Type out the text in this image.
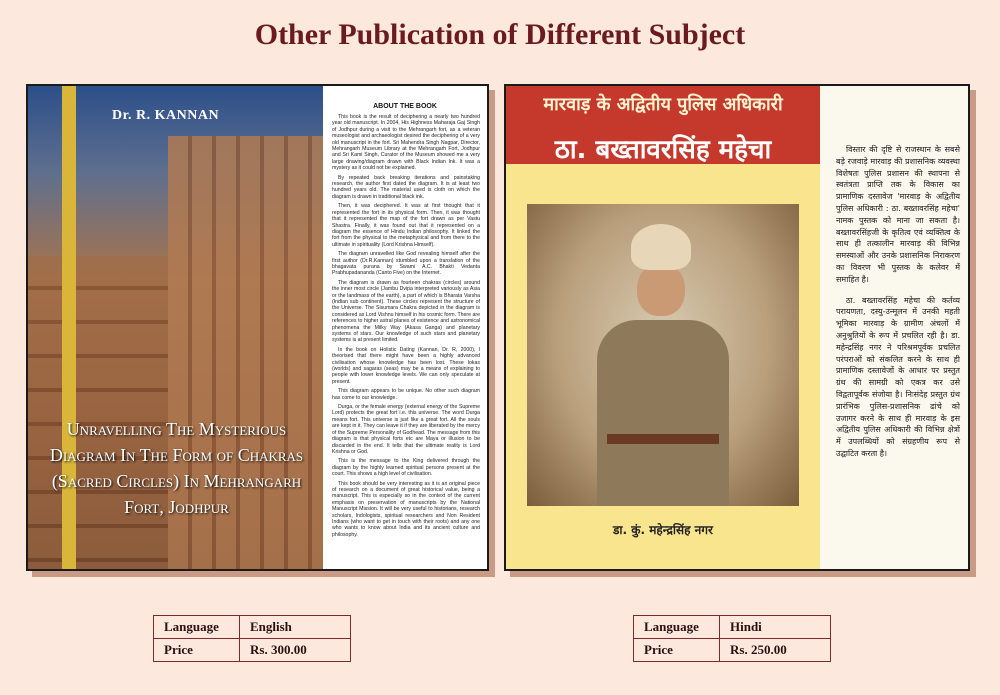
Other Publication of Different Subject
Dr. R. KANNAN
Unravelling The Mysterious Diagram In The Form of Chakras (Sacred Circles) In Mehrangarh Fort, Jodhpur
ABOUT THE BOOK

This book is the result of deciphering a nearly two hundred year old manuscript. In 2004, His Highness Maharaja Gaj Singh of Jodhpur during a visit to the Mehrangarh fort, as a veteran museologist and archaeologist desired the deciphering of a very old manuscript in the fort. Sri Mahendra Singh Nagpar, Director, Mehrangarh Museum Library at the Mehrangarh Fort, Jodhpur and Sri Kami Singh, Curator of the Museum showed me a very large drawing/diagram drawn with Black Indian Ink. It was a mystery as it could not be explained.

By repeated back breaking iterations and painstaking research, the author first dated the diagram. It is at least two hundred years old. The material used is cloth on which the diagram is drawn in traditional black ink.

Then, it was deciphered. It was at first thought that it represented the fort in its physical form. Then, it was thought that it represented the map of the fort drawn as per Vastu Shastra. Finally, it was found out that it represented on a diagram the essence of Hindu Indian philosophy. It linked the fort from the physical to the metaphysical and from there to the ultimate in spirituality (Lord Krishna Himself).

The diagram unravelled like God revealing himself after the first author (Dr.R.Kannan) stumbled upon a translation of the bhagavata purana by Swami A.C. Bhakti Vedanta Prabhupadananda (Canto Five) on the Internet.

The diagram is drawn as fourteen chakras (circles) around the inner most circle (Jambu Dvipa interpreted variously as Asia or the landmass of the earth), a part of which is Bharata Varsha (Indian sub continent). These circles represent the structure of the Universe. The Sisumara Chakra depicted in the diagram is considered as Lord Vishnu himself in his cosmic form. There are references to higher astral planes of existence and astronomical phenomena the Milky Way (Akasa Ganga) and planetary systems of stars. Our knowledge of such stars and planetary systems is at present limited.

In the book on Holistic Dating (Kannan, Dr. R, 2000), I theorised that there might have been a highly advanced civilisation whose knowledge has been lost. These lokas (worlds) and sagaras (seas) may be a means of explaining to people with lower knowledge levels. We can only speculate at present.

This diagram appears to be unique. No other such diagram has come to our knowledge.

Durga, or the female energy (external energy of the Supreme Lord) protects the great fort i.e. this universe. The word Durga means fort. This universe is just like a great fort. All the souls are kept in it. They can leave it if they are liberated by the mercy of the Supreme Personality of Godhead. The message from this diagram is that physical forts etc are Maya or illusion to be discarded in the end. It tells that the ultimate reality is Lord Krishna or God.

This is the message to the King delivered through the diagram by the highly learned spiritual persons present at the court. This shows a high level of civilisation.

This book should be very interesting as it is an original piece of research on a document of great historical value, being a manuscript. This is especially so in the context of the current emphasis on preservation of manuscripts by the National Manuscript Mission. It will be very useful to historians, research scholars, Indologists, spiritual researchers and Non Resident Indians (who want to get in touch with their roots) and any one who wants to know about India and its ancient culture and philosophy.

मारवाड़ के अद्वितीय पुलिस अधिकारी
ठा. बख्तावरसिंह महेचा
डा. कुं. महेन्द्रसिंह नगर

विस्तार की दृष्टि से राजस्थान के सबसे बड़े रजवाड़े मारवाड़ की प्रशासनिक व्यवस्था विशेषतः पुलिस प्रशासन की स्थापना से स्वतंत्रता प्राप्ति तक के विकास का प्रामाणिक दस्तावेज 'मारवाड़ के अद्वितीय पुलिस अधिकारी : ठा. बख्तावरसिंह महेचा' नामक पुस्तक को माना जा सकता है। बख्तावरसिंहजी के कृतित्व एवं व्यक्तित्व के साथ ही तत्कालीन मारवाड़ की विभिन्न समस्याओं और उनके प्रशासनिक निराकरण का विवरण भी पुस्तक के कलेवर में समाहित है।

ठा. बख्तावरसिंह महेचा की कर्तव्य परायणता, दस्यु-उन्मूलन में उनकी महती भूमिका मारवाड़ के ग्रामीण अंचलों में अनुश्रुतियों के रूप में प्रचलित रही है। डा. महेन्द्रसिंह नगर ने परिश्रमपूर्वक प्रचलित परंपराओं को संकलित करने के साथ ही प्रामाणिक दस्तावेजों के आधार पर प्रस्तुत ग्रंथ की सामग्री को एकत्र कर उसे विद्वतापूर्वक संजोया है। निःसंदेह प्रस्तुत ग्रंथ प्रारंभिक पुलिस-प्रशासनिक ढांचे को उजागर करने के साथ ही मारवाड़ के इस अद्वितीय पुलिस अधिकारी की विभिन्न क्षेत्रों में उपलब्धियों को संग्रहणीय रूप से उद्घाटित करता है।

Language	English
Price	Rs. 300.00
Language	Hindi
Price	Rs. 250.00
